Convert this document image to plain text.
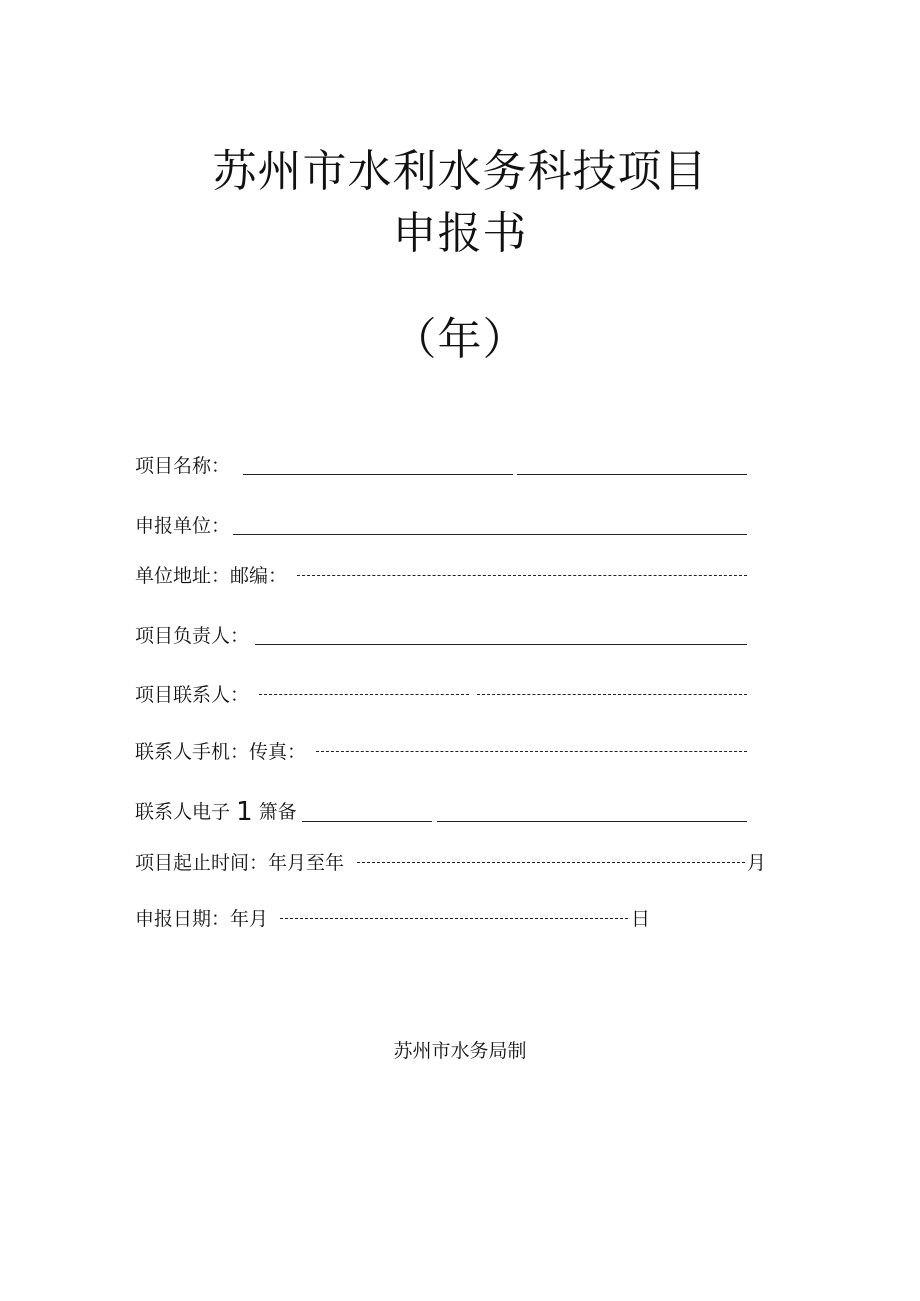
苏州市水利水务科技项目
申报书
（年）
项目名称：
申报单位：
单位地址：邮编：
项目负责人：
项目联系人：
联系人手机：传真：
联系人电子 1 箫备
项目起止时间：年月至年	月
申报日期：年月	日
苏州市水务局制
